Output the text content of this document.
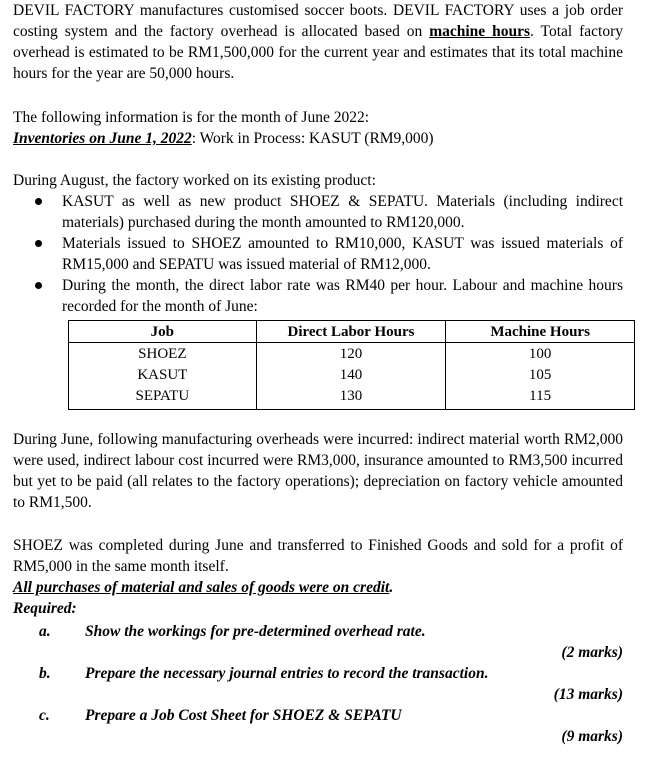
DEVIL FACTORY manufactures customised soccer boots. DEVIL FACTORY uses a job order costing system and the factory overhead is allocated based on machine hours. Total factory overhead is estimated to be RM1,500,000 for the current year and estimates that its total machine hours for the year are 50,000 hours.

The following information is for the month of June 2022:

Inventories on June 1, 2022: Work in Process: KASUT (RM9,000)

During August, the factory worked on its existing product:

KASUT as well as new product SHOEZ & SEPATU. Materials (including indirect materials) purchased during the month amounted to RM120,000.
Materials issued to SHOEZ amounted to RM10,000, KASUT was issued materials of RM15,000 and SEPATU was issued material of RM12,000.
During the month, the direct labor rate was RM40 per hour. Labour and machine hours recorded for the month of June:
Job	Direct Labor Hours	Machine Hours
SHOEZ	120	100
KASUT	140	105
SEPATU	130	115

During June, following manufacturing overheads were incurred: indirect material worth RM2,000 were used, indirect labour cost incurred were RM3,000, insurance amounted to RM3,500 incurred but yet to be paid (all relates to the factory operations); depreciation on factory vehicle amounted to RM1,500.

SHOEZ was completed during June and transferred to Finished Goods and sold for a profit of RM5,000 in the same month itself.

All purchases of material and sales of goods were on credit.

Required:

a. Show the workings for pre-determined overhead rate.
(2 marks)
b. Prepare the necessary journal entries to record the transaction.
(13 marks)
c. Prepare a Job Cost Sheet for SHOEZ & SEPATU
(9 marks)
